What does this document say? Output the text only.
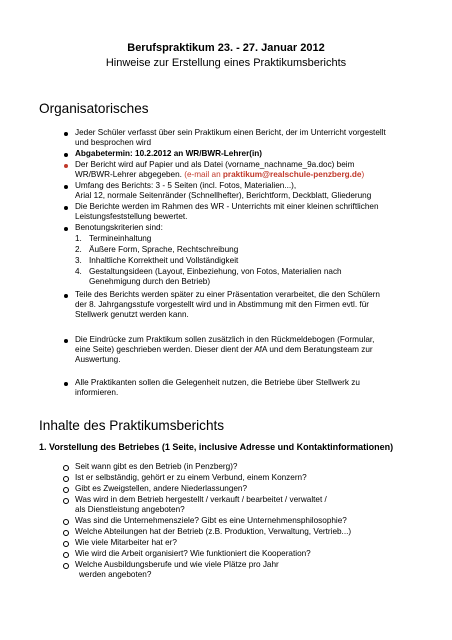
Berufspraktikum 23. - 27. Januar 2012
Hinweise zur Erstellung eines Praktikumsberichts
Organisatorisches
Jeder Schüler verfasst über sein Praktikum einen Bericht, der im Unterricht vorgestellt
und besprochen wird
Abgabetermin: 10.2.2012 an WR/BWR-Lehrer(in)
Der Bericht wird auf Papier und als Datei (vorname_nachname_9a.doc) beim
WR/BWR-Lehrer abgegeben. (e-mail an praktikum@realschule-penzberg.de)
Umfang des Berichts: 3 - 5 Seiten (incl. Fotos, Materialien...),
Arial 12, normale Seitenränder (Schnellhefter), Berichtform, Deckblatt, Gliederung
Die Berichte werden im Rahmen des WR - Unterrichts mit einer kleinen schriftlichen
Leistungsfeststellung bewertet.
Benotungskriterien sind:
1. Termineinhaltung
2. Äußere Form, Sprache, Rechtschreibung
3. Inhaltliche Korrektheit und Vollständigkeit
4. Gestaltungsideen (Layout, Einbeziehung, von Fotos, Materialien nach
Genehmigung durch den Betrieb)
Teile des Berichts werden später zu einer Präsentation verarbeitet, die den Schülern
der 8. Jahrgangsstufe vorgestellt wird und in Abstimmung mit den Firmen evtl. für
Stellwerk genutzt werden kann.
Die Eindrücke zum Praktikum sollen zusätzlich in den Rückmeldebogen (Formular,
eine Seite) geschrieben werden. Dieser dient der AfA und dem Beratungsteam zur
Auswertung.
Alle Praktikanten sollen die Gelegenheit nutzen, die Betriebe über Stellwerk zu
informieren.
Inhalte des Praktikumsberichts
1. Vorstellung des Betriebes (1 Seite, inclusive Adresse und Kontaktinformationen)
Seit wann gibt es den Betrieb (in Penzberg)?
Ist er selbständig, gehört er zu einem Verbund, einem Konzern?
Gibt es Zweigstellen, andere Niederlassungen?
Was wird in dem Betrieb hergestellt / verkauft / bearbeitet / verwaltet /
als Dienstleistung angeboten?
Was sind die Unternehmensziele? Gibt es eine Unternehmensphilosophie?
Welche Abteilungen hat der Betrieb (z.B. Produktion, Verwaltung, Vertrieb...)
Wie viele Mitarbeiter hat er?
Wie wird die Arbeit organisiert? Wie funktioniert die Kooperation?
Welche Ausbildungsberufe und wie viele Plätze pro Jahr
werden angeboten?
